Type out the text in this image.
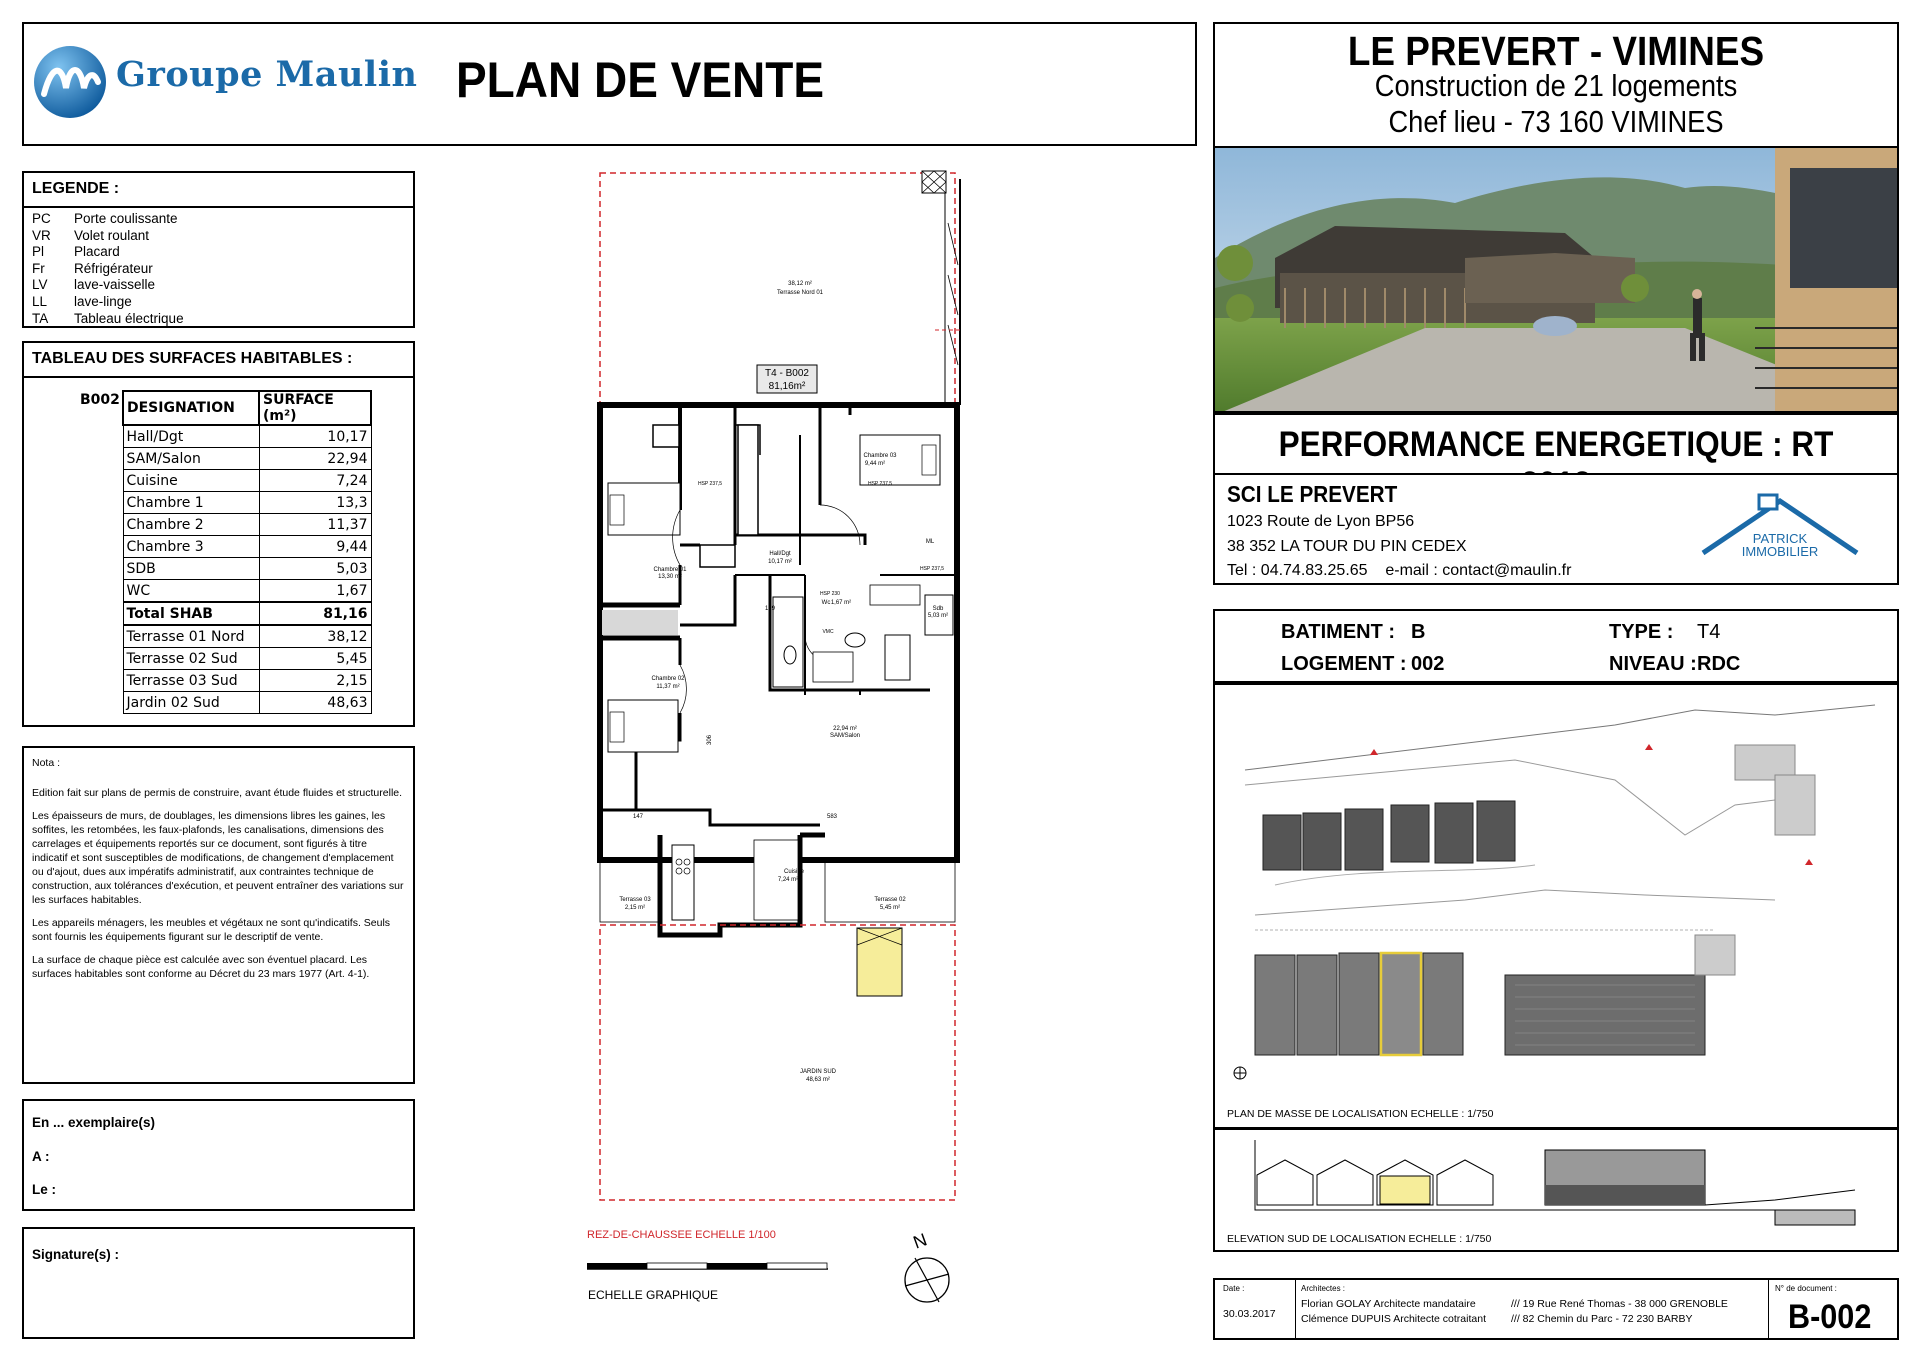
Groupe Maulin PLAN DE VENTE
LEGENDE :
PC Porte coulissante
VR Volet roulant
Pl Placard
Fr Réfrigérateur
LV lave-vaisselle
LL lave-linge
TA Tableau électrique
TABLEAU DES SURFACES HABITABLES :
B002 DESIGNATION	SURFACE (m²)
Hall/Dgt	10,17
SAM/Salon	22,94
Cuisine	7,24
Chambre 1	13,3
Chambre 2	11,37
Chambre 3	9,44
SDB	5,03
WC	1,67
Total SHAB	81,16
Terrasse 01 Nord	38,12
Terrasse 02 Sud	5,45
Terrasse 03 Sud	2,15
Jardin 02 Sud	48,63

Nota :

Edition fait sur plans de permis de construire, avant étude fluides et structurelle.

Les épaisseurs de murs, de doublages, les dimensions libres les gaines, les soffites, les retombées, les faux-plafonds, les canalisations, dimensions des carrelages et équipements reportés sur ce document, sont figurés à titre indicatif et sont susceptibles de modifications, de changement d'emplacement ou d'ajout, dues aux impératifs administratif, aux contraintes technique de construction, aux tolérances d'exécution, et peuvent entraîner des variations sur les surfaces habitables.

Les appareils ménagers, les meubles et végétaux ne sont qu'indicatifs. Seuls sont fournis les équipements figurant sur le descriptif de vente.

La surface de chaque pièce est calculée avec son éventuel placard. Les surfaces habitables sont conforme au Décret du 23 mars 1977 (Art. 4-1).

En ... exemplaire(s)
A :
Le :
Signature(s) :
T4 - B002
81,16m²
38,12 m²
Terrasse Nord 01
Chambre 03
9,44 m²
Chambre 01
13,30 m²
Hall/Dgt
10,17 m²
Wc 1,67 m²
Sdb
5,03 m²
Chambre 02
11,37 m²
22,94 m²
SAM/Salon
HSP 237,5	HSP 237,5
HSP 237,5
HSP 230
VMC
ML
147	583
139
306
Cuisine
7,24 m²
Terrasse 03
2,15 m²
Terrasse 02
5,45 m²
JARDIN SUD
48,63 m²
REZ-DE-CHAUSSEE ECHELLE 1/100
ECHELLE GRAPHIQUE
N
LE PREVERT - VIMINES
Construction de 21 logements
Chef lieu - 73 160 VIMINES
PERFORMANCE ENERGETIQUE : RT
SCI LE PREVERT
1023 Route de Lyon BP56
38 352 LA TOUR DU PIN CEDEX
Tel : 04.74.83.25.65    e-mail : contact@maulin.fr
PATRICK
IMMOBILIER
BATIMENT : B	TYPE : T4
LOGEMENT : 002	NIVEAU : RDC
PLAN DE MASSE DE LOCALISATION ECHELLE : 1/750
ELEVATION SUD DE LOCALISATION ECHELLE : 1/750
Date :
30.03.2017
Architectes :
Florian GOLAY Architecte mandataire	/// 19 Rue René Thomas - 38 000 GRENOBLE
Clémence DUPUIS Architecte cotraitant /// 82 Chemin du Parc - 72 230 BARBY
N° de document :
B-002
